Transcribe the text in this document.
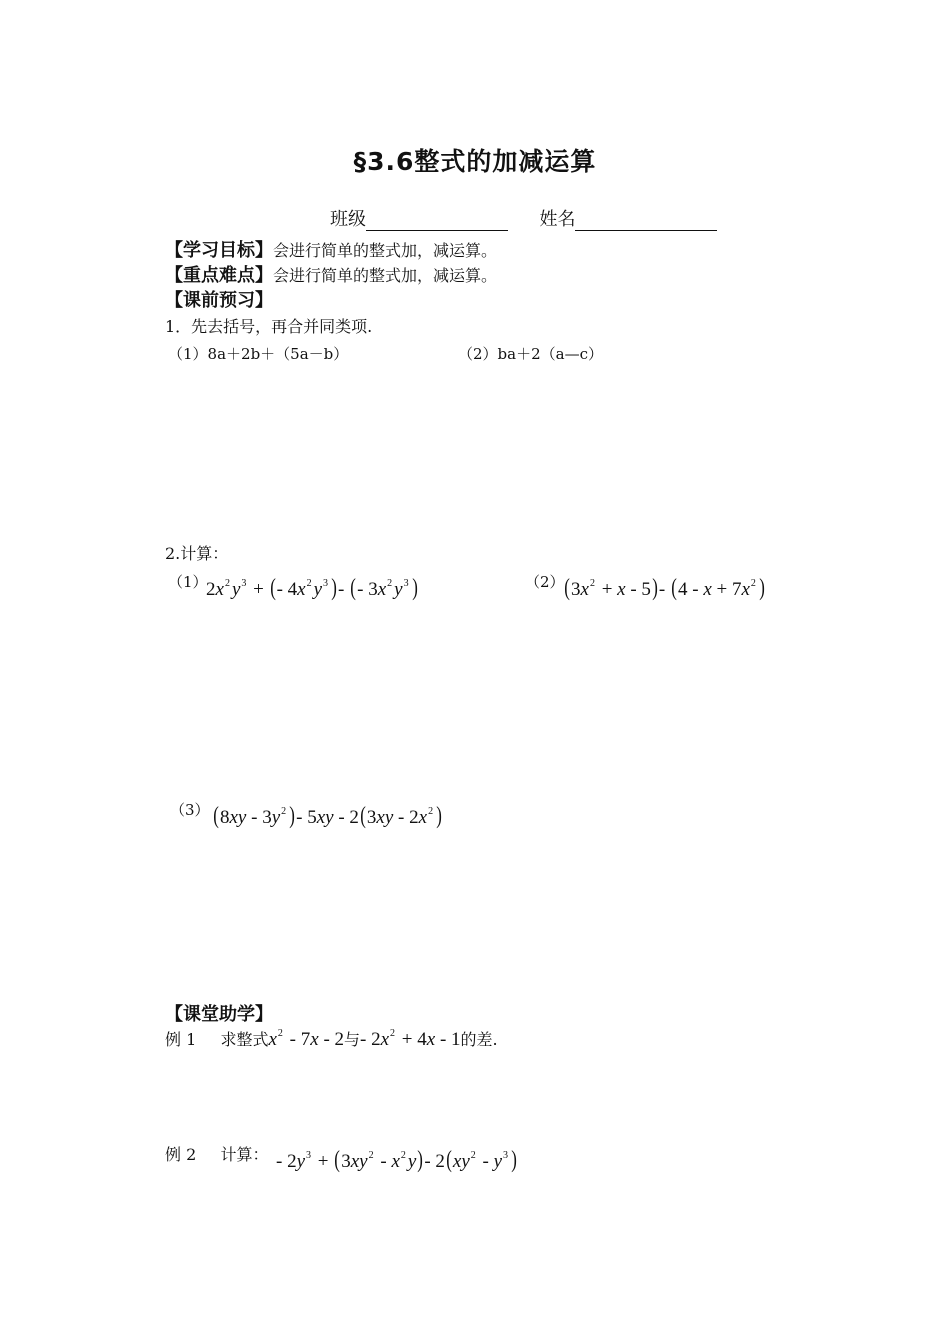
§3.6整式的加减运算
班级	姓名
【学习目标】会进行简单的整式加，减运算。
【重点难点】会进行简单的整式加，减运算。
【课前预习】
1．先去括号，再合并同类项.
（1）8a＋2b＋（5a－b）	（2）ba＋2（a—c）
2.计算：
（1）
$2x^2$ $y^3$ + (- $4x^2$ $y^3$ )- (- $3x^2$ $y^3$ )	（2） $(3x^2 + x - 5)-$ ($4 - x + 7x^2$ )
（3） ($8xy - 3y^2$ )- $5xy - 2(3xy - 2x^2$ )
【课堂助学】
例 1 求整式$x^2 - 7x - 2$与- $2x^2 + 4x - 1$的差.
例 2 计算： - $2y^3 + (3xy^2 - x^2$ y)- $2(xy^2 - y^3$ )
